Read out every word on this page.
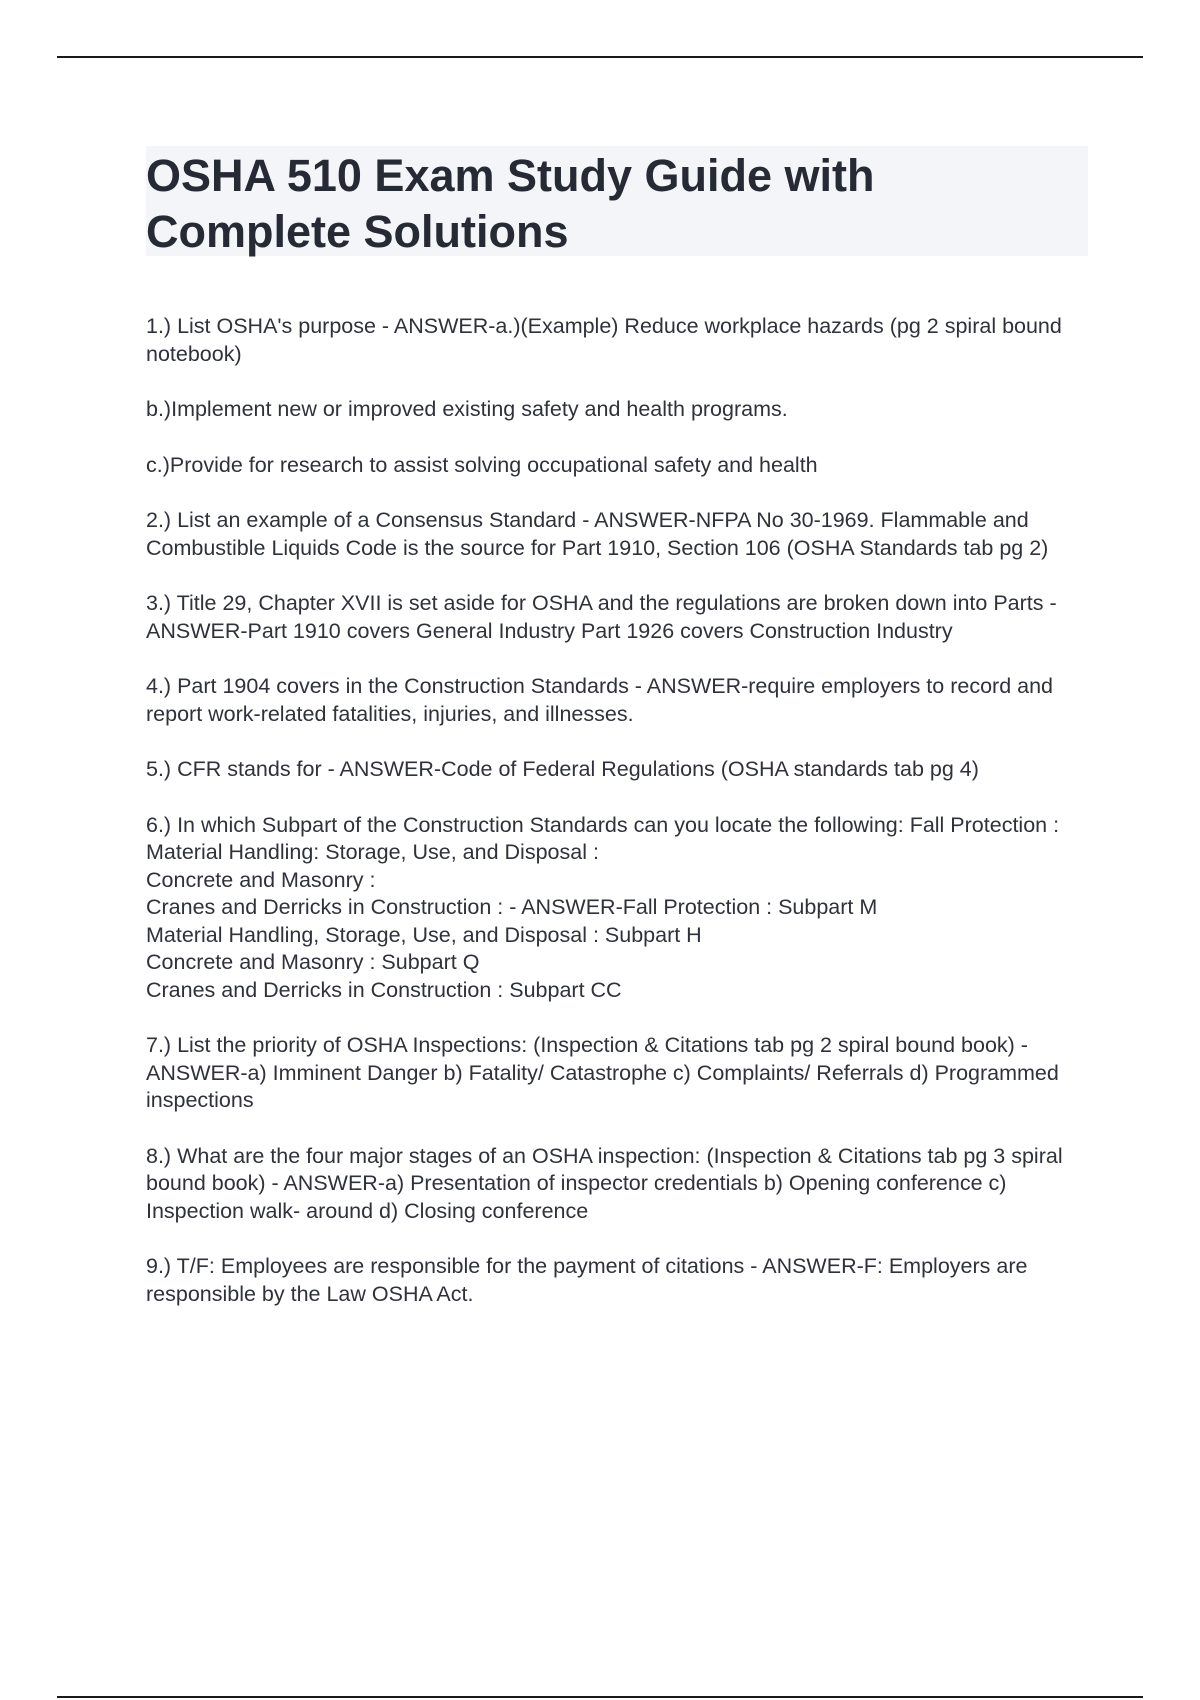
OSHA 510 Exam Study Guide with Complete Solutions

1.) List OSHA's purpose - ANSWER-a.)(Example) Reduce workplace hazards (pg 2 spiral bound notebook)

b.)Implement new or improved existing safety and health programs.

c.)Provide for research to assist solving occupational safety and health

2.) List an example of a Consensus Standard - ANSWER-NFPA No 30-1969. Flammable and Combustible Liquids Code is the source for Part 1910, Section 106 (OSHA Standards tab pg 2)

3.) Title 29, Chapter XVII is set aside for OSHA and the regulations are broken down into Parts - ANSWER-Part 1910 covers General Industry Part 1926 covers Construction Industry

4.) Part 1904 covers in the Construction Standards - ANSWER-require employers to record and report work-related fatalities, injuries, and illnesses.

5.) CFR stands for - ANSWER-Code of Federal Regulations (OSHA standards tab pg 4)

6.) In which Subpart of the Construction Standards can you locate the following: Fall Protection :
Material Handling: Storage, Use, and Disposal :
Concrete and Masonry :
Cranes and Derricks in Construction : - ANSWER-Fall Protection : Subpart M
Material Handling, Storage, Use, and Disposal : Subpart H
Concrete and Masonry : Subpart Q
Cranes and Derricks in Construction : Subpart CC

7.) List the priority of OSHA Inspections: (Inspection & Citations tab pg 2 spiral bound book) - ANSWER-a) Imminent Danger b) Fatality/ Catastrophe c) Complaints/ Referrals d) Programmed inspections

8.) What are the four major stages of an OSHA inspection: (Inspection & Citations tab pg 3 spiral bound book) - ANSWER-a) Presentation of inspector credentials b) Opening conference c) Inspection walk- around d) Closing conference

9.) T/F: Employees are responsible for the payment of citations - ANSWER-F: Employers are responsible by the Law OSHA Act.
